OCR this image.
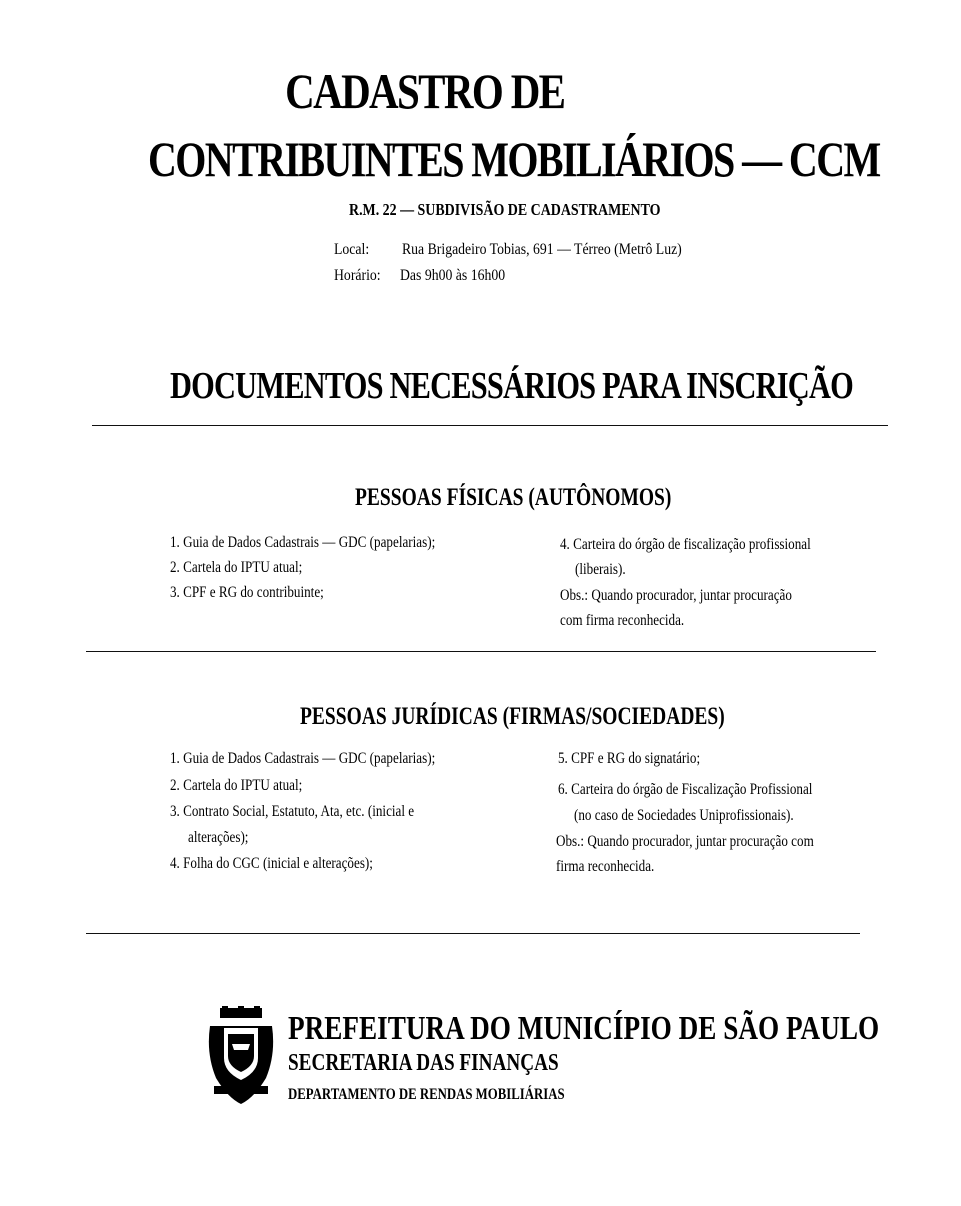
CADASTRO DE
CONTRIBUINTES MOBILIÁRIOS — CCM
R.M. 22 — SUBDIVISÃO DE CADASTRAMENTO
Local: Rua Brigadeiro Tobias, 691 — Térreo (Metrô Luz)
Horário: Das 9h00 às 16h00
DOCUMENTOS NECESSÁRIOS PARA INSCRIÇÃO
PESSOAS FÍSICAS (AUTÔNOMOS)
1. Guia de Dados Cadastrais — GDC (papelarias);
2. Cartela do IPTU atual;
3. CPF e RG do contribuinte;
4. Carteira do órgão de fiscalização profissional
(liberais).
Obs.: Quando procurador, juntar procuração
com firma reconhecida.
PESSOAS JURÍDICAS (FIRMAS/SOCIEDADES)
1. Guia de Dados Cadastrais — GDC (papelarias);
2. Cartela do IPTU atual;
3. Contrato Social, Estatuto, Ata, etc. (inicial e
alterações);
4. Folha do CGC (inicial e alterações);
5. CPF e RG do signatário;
6. Carteira do órgão de Fiscalização Profissional
(no caso de Sociedades Uniprofissionais).
Obs.: Quando procurador, juntar procuração com
firma reconhecida.
PREFEITURA DO MUNICÍPIO DE SÃO PAULO
SECRETARIA DAS FINANÇAS
DEPARTAMENTO DE RENDAS MOBILIÁRIAS
